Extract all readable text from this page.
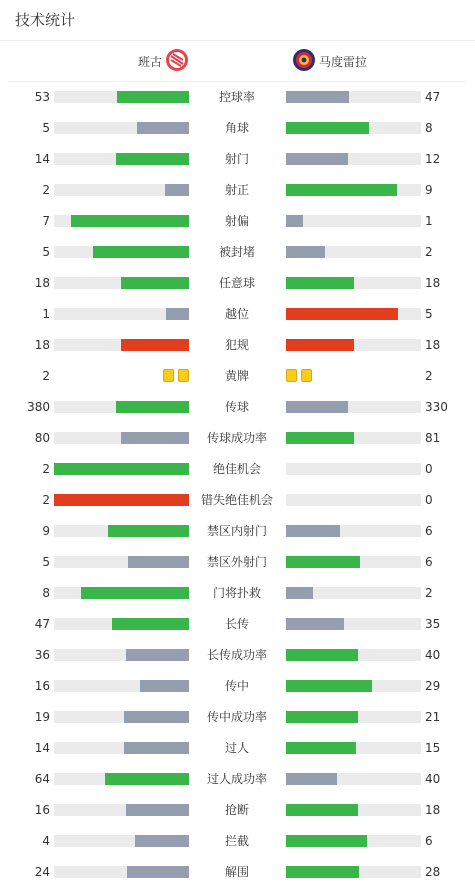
技术统计
班古	马度雷拉
53	控球率	47
5	角球	8
14	射门	12
2	射正	9
7	射偏	1
5	被封堵	2
18	任意球	18
1	越位	5
18	犯规	18
2	黄牌	2
380	传球	330
80	传球成功率	81
2	绝佳机会	0
2	错失绝佳机会	0
9	禁区内射门	6
5	禁区外射门	6
8	门将扑救	2
47	长传	35
36	长传成功率	40
16	传中	29
19	传中成功率	21
14	过人	15
64	过人成功率	40
16	抢断	18
4	拦截	6
24	解围	28
